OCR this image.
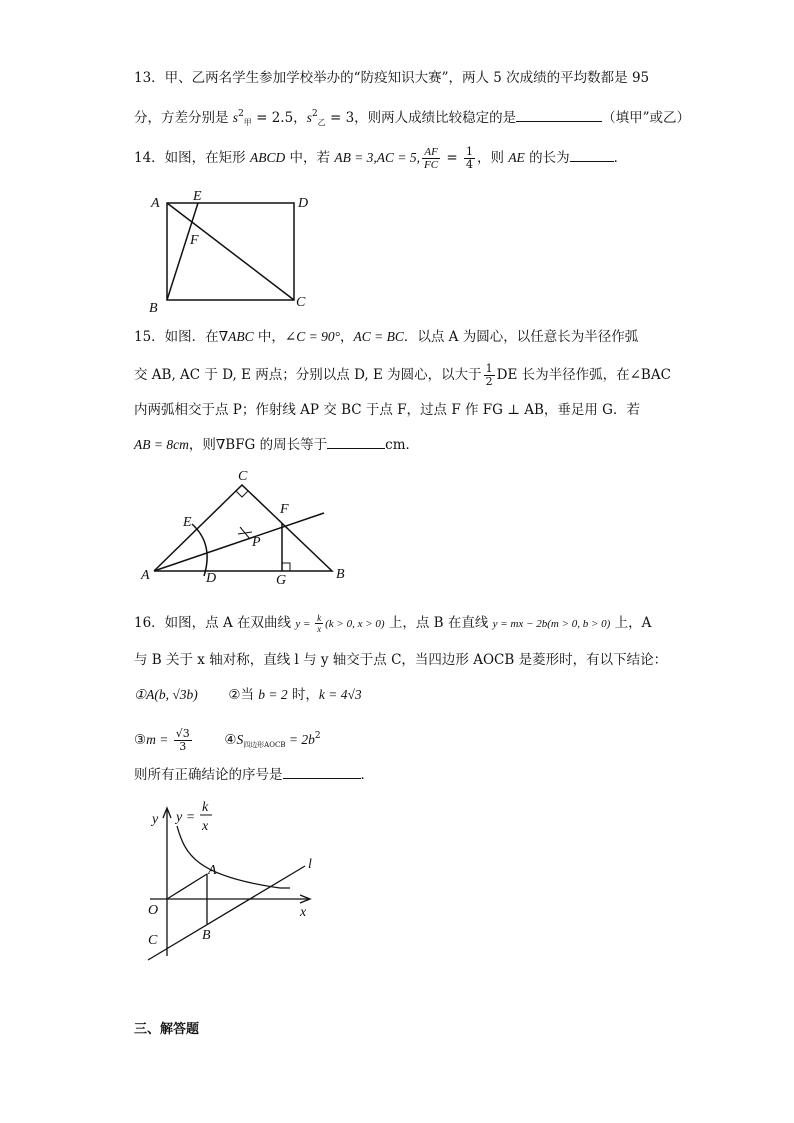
13．甲、乙两名学生参加学校举办的“防疫知识大赛”，两人 5 次成绩的平均数都是 95
分，方差分别是 $s^2_甲 = 2.5$，$s^2_乙 = 3$，则两人成绩比较稳定的是	（填甲”或乙）
14．如图，在矩形 ABCD 中，若 AB = 3,AC = 5, $\frac{AF}{FC} = \frac{1}{4}$ ，则 AE 的长为	．
A E	D
F
B	C
15．如图．在∇ABC 中，∠C = 90°，AC = BC．以点 A 为圆心，以任意长为半径作弧
交 AB, AC 于 D, E 两点；分别以点 D, E 为圆心，以大于 $\frac{1}{2}$ DE 长为半径作弧，在∠BAC
内两弧相交于点 P；作射线 AP 交 BC 于点 F，过点 F 作 FG ⊥ AB，垂足用 G．若
AB = 8cm，则∇BFG 的周长等于	cm．
C
E
F
P
A	D	G	B
16．如图，点 A 在双曲线 $y = \frac{k}{x} (k > 0$, x > 0) 上，点 B 在直线 y = mx − 2b(m > 0, b > 0) 上，A
与 B 关于 x 轴对称，直线 l 与 y 轴交于点 C，当四边形 AOCB 是菱形时，有以下结论：
①A(b, √3b) ②当 b = 2 时，k = 4√3
③m = $\frac{√3}{3}$ $④S_{四边形AOCB} = 2b^2$
则所有正确结论的序号是	．
y y =
k
x
A	l
O	x
C	B
三、解答题
